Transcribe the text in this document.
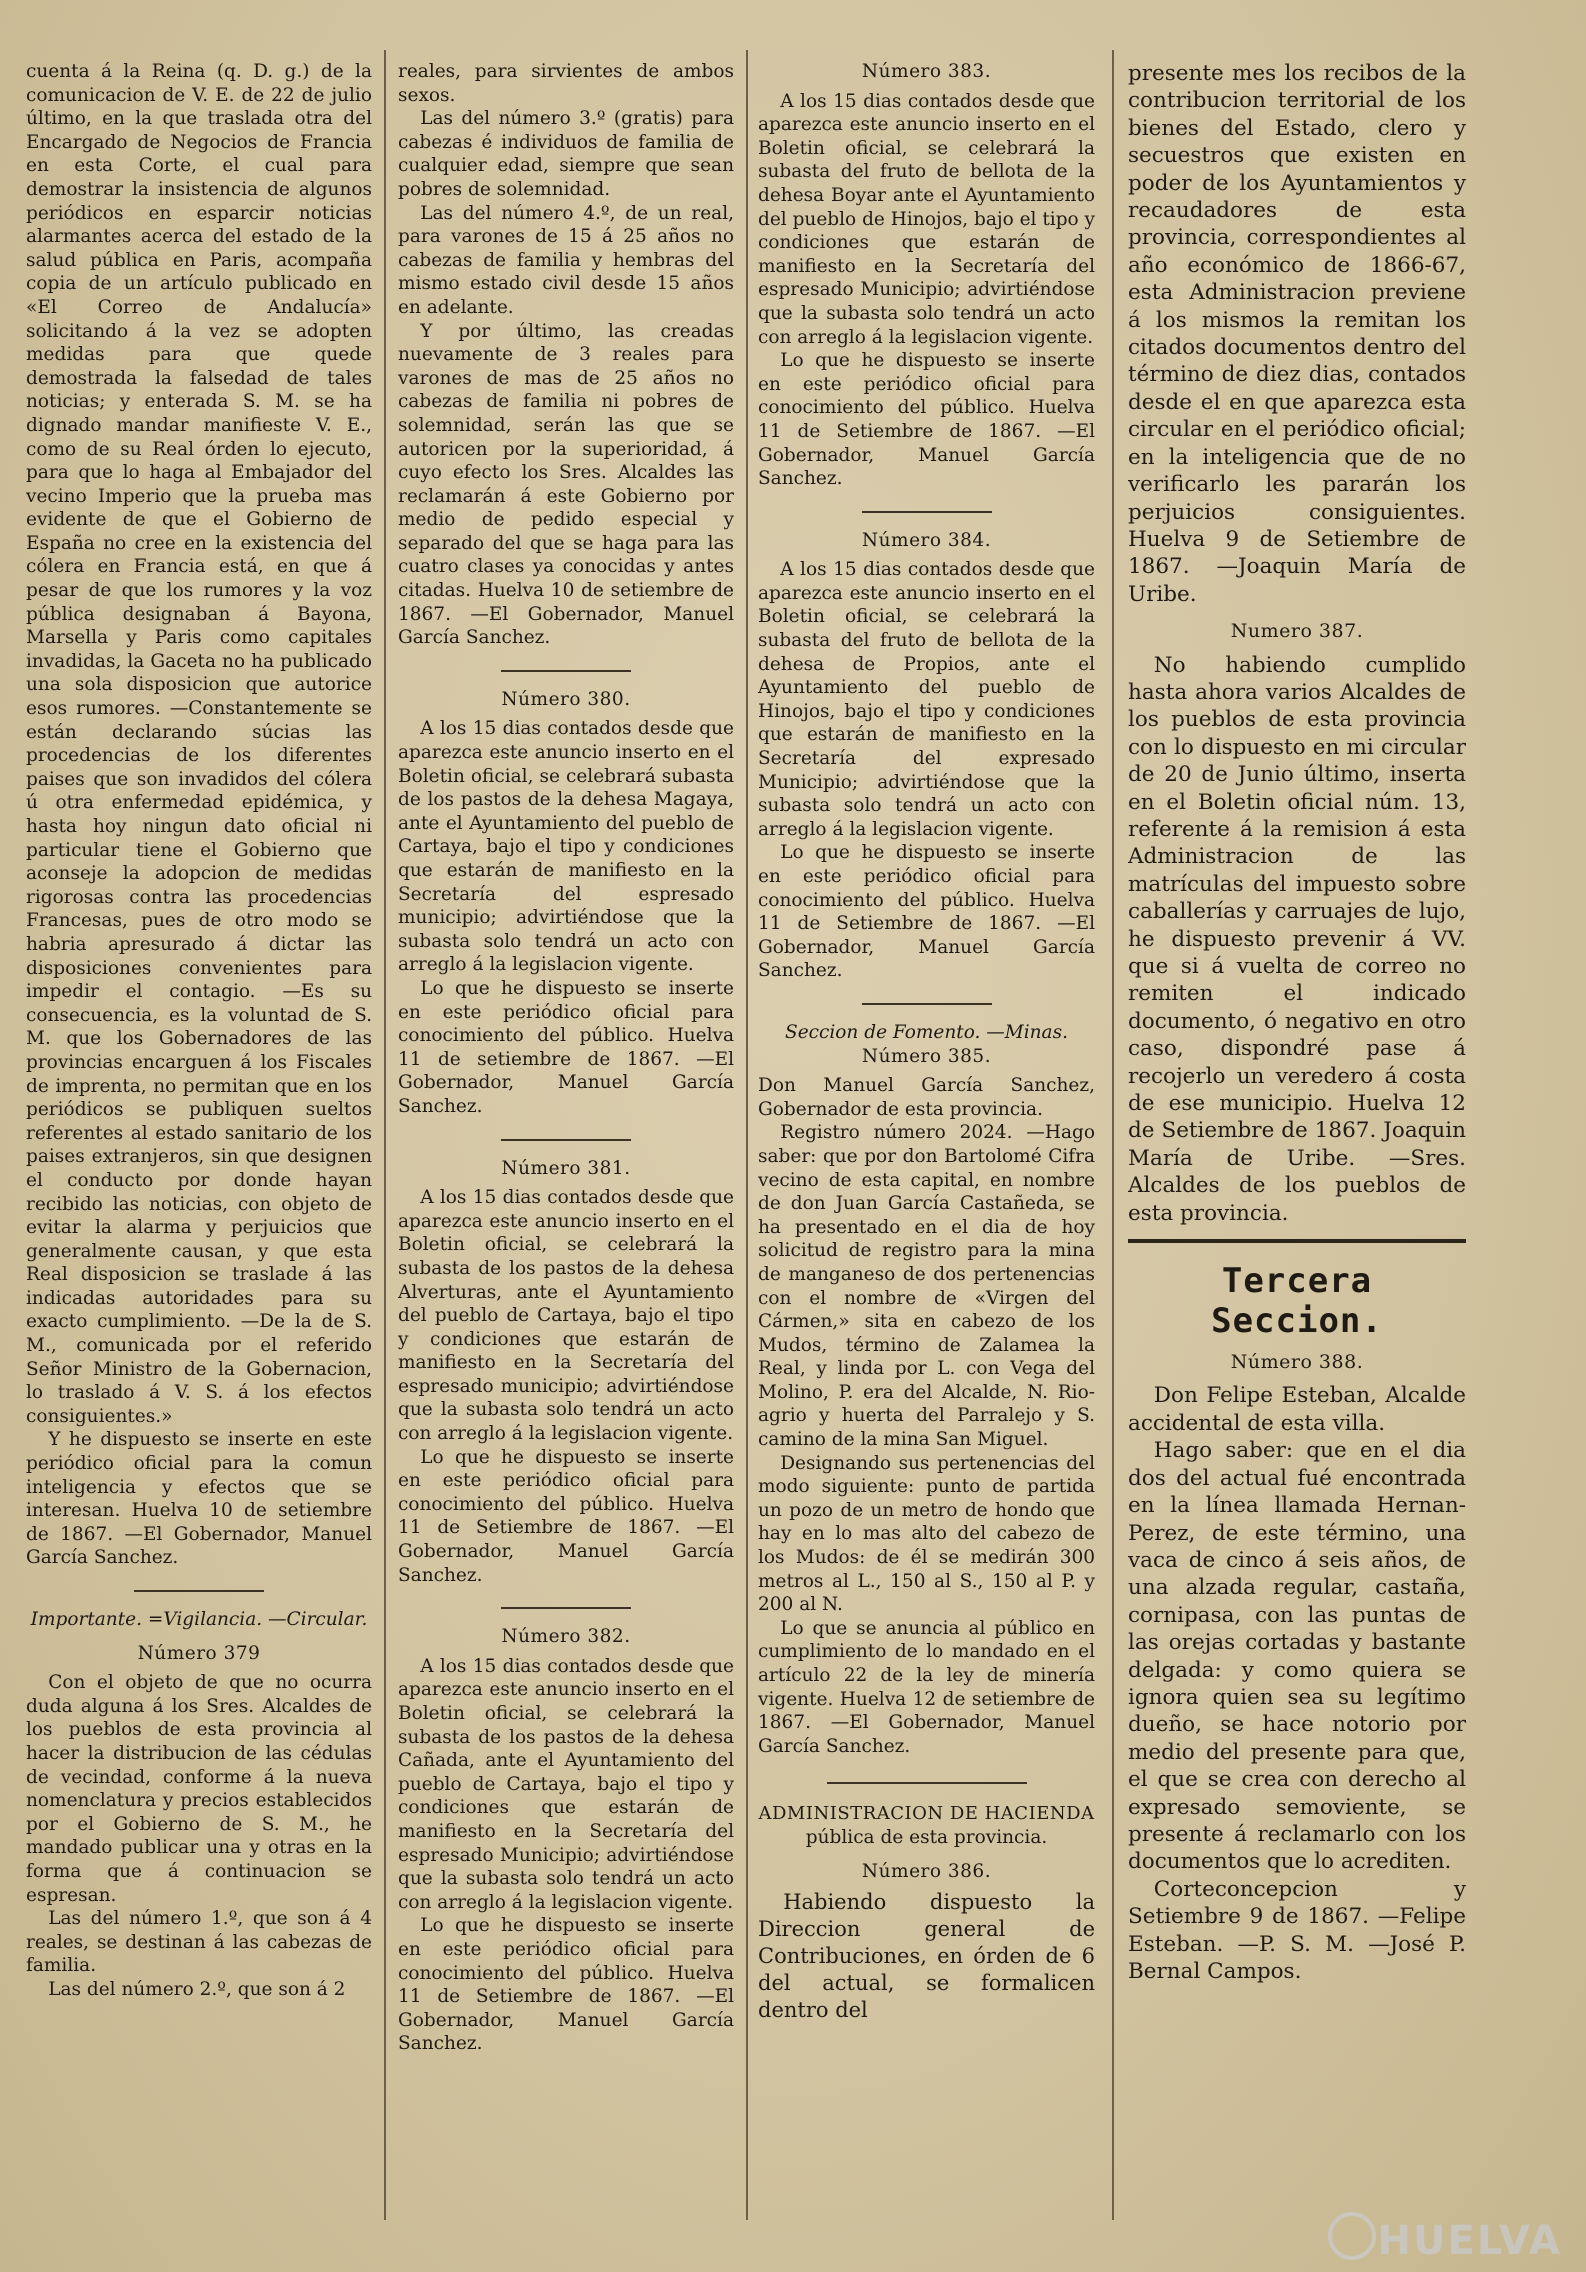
cuenta á la Reina (q. D. g.) de la comunicacion de V. E. de 22 de julio último, en la que traslada otra del Encargado de Negocios de Francia en esta Corte, el cual para demostrar la insistencia de algunos periódicos en esparcir noticias alarmantes acerca del estado de la salud pública en Paris, acompaña copia de un artículo publicado en «El Correo de Andalucía» solicitando á la vez se adopten medidas para que quede demostrada la falsedad de tales noticias; y enterada S. M. se ha dignado mandar manifieste V. E., como de su Real órden lo ejecuto, para que lo haga al Embajador del vecino Imperio que la prueba mas evidente de que el Gobierno de España no cree en la existencia del cólera en Francia está, en que á pesar de que los rumores y la voz pública designaban á Bayona, Marsella y Paris como capitales invadidas, la Gaceta no ha publicado una sola disposicion que autorice esos rumores. —Constantemente se están declarando súcias las procedencias de los diferentes paises que son invadidos del cólera ú otra enfermedad epidémica, y hasta hoy ningun dato oficial ni particular tiene el Gobierno que aconseje la adopcion de medidas rigorosas contra las procedencias Francesas, pues de otro modo se habria apresurado á dictar las disposiciones convenientes para impedir el contagio. —Es su consecuencia, es la voluntad de S. M. que los Gobernadores de las provincias encarguen á los Fiscales de imprenta, no permitan que en los periódicos se publiquen sueltos referentes al estado sanitario de los paises extranjeros, sin que designen el conducto por donde hayan recibido las noticias, con objeto de evitar la alarma y perjuicios que generalmente causan, y que esta Real disposicion se traslade á las indicadas autoridades para su exacto cumplimiento. —De la de S. M., comunicada por el referido Señor Ministro de la Gobernacion, lo traslado á V. S. á los efectos consiguientes.»

Y he dispuesto se inserte en este periódico oficial para la comun inteligencia y efectos que se interesan. Huelva 10 de setiembre de 1867. —El Gobernador, Manuel García Sanchez.

Importante. =Vigilancia. —Circular.

Número 379

Con el objeto de que no ocurra duda alguna á los Sres. Alcaldes de los pueblos de esta provincia al hacer la distribucion de las cédulas de vecindad, conforme á la nueva nomenclatura y precios establecidos por el Gobierno de S. M., he mandado publicar una y otras en la forma que á continuacion se espresan.

Las del número 1.º, que son á 4 reales, se destinan á las cabezas de familia.

Las del número 2.º, que son á 2

reales, para sirvientes de ambos sexos.

Las del número 3.º (gratis) para cabezas é individuos de familia de cualquier edad, siempre que sean pobres de solemnidad.

Las del número 4.º, de un real, para varones de 15 á 25 años no cabezas de familia y hembras del mismo estado civil desde 15 años en adelante.

Y por último, las creadas nuevamente de 3 reales para varones de mas de 25 años no cabezas de familia ni pobres de solemnidad, serán las que se autoricen por la superioridad, á cuyo efecto los Sres. Alcaldes las reclamarán á este Gobierno por medio de pedido especial y separado del que se haga para las cuatro clases ya conocidas y antes citadas. Huelva 10 de setiembre de 1867. —El Gobernador, Manuel García Sanchez.

Número 380.

A los 15 dias contados desde que aparezca este anuncio inserto en el Boletin oficial, se celebrará subasta de los pastos de la dehesa Magaya, ante el Ayuntamiento del pueblo de Cartaya, bajo el tipo y condiciones que estarán de manifiesto en la Secretaría del espresado municipio; advirtiéndose que la subasta solo tendrá un acto con arreglo á la legislacion vigente.

Lo que he dispuesto se inserte en este periódico oficial para conocimiento del público. Huelva 11 de setiembre de 1867. —El Gobernador, Manuel García Sanchez.

Número 381.

A los 15 dias contados desde que aparezca este anuncio inserto en el Boletin oficial, se celebrará la subasta de los pastos de la dehesa Alverturas, ante el Ayuntamiento del pueblo de Cartaya, bajo el tipo y condiciones que estarán de manifiesto en la Secretaría del espresado municipio; advirtiéndose que la subasta solo tendrá un acto con arreglo á la legislacion vigente.

Lo que he dispuesto se inserte en este periódico oficial para conocimiento del público. Huelva 11 de Setiembre de 1867. —El Gobernador, Manuel García Sanchez.

Número 382.

A los 15 dias contados desde que aparezca este anuncio inserto en el Boletin oficial, se celebrará la subasta de los pastos de la dehesa Cañada, ante el Ayuntamiento del pueblo de Cartaya, bajo el tipo y condiciones que estarán de manifiesto en la Secretaría del espresado Municipio; advirtiéndose que la subasta solo tendrá un acto con arreglo á la legislacion vigente.

Lo que he dispuesto se inserte en este periódico oficial para conocimiento del público. Huelva 11 de Setiembre de 1867. —El Gobernador, Manuel García Sanchez.

Número 383.

A los 15 dias contados desde que aparezca este anuncio inserto en el Boletin oficial, se celebrará la subasta del fruto de bellota de la dehesa Boyar ante el Ayuntamiento del pueblo de Hinojos, bajo el tipo y condiciones que estarán de manifiesto en la Secretaría del espresado Municipio; advirtiéndose que la subasta solo tendrá un acto con arreglo á la legislacion vigente.

Lo que he dispuesto se inserte en este periódico oficial para conocimiento del público. Huelva 11 de Setiembre de 1867. —El Gobernador, Manuel García Sanchez.

Número 384.

A los 15 dias contados desde que aparezca este anuncio inserto en el Boletin oficial, se celebrará la subasta del fruto de bellota de la dehesa de Propios, ante el Ayuntamiento del pueblo de Hinojos, bajo el tipo y condiciones que estarán de manifiesto en la Secretaría del expresado Municipio; advirtiéndose que la subasta solo tendrá un acto con arreglo á la legislacion vigente.

Lo que he dispuesto se inserte en este periódico oficial para conocimiento del público. Huelva 11 de Setiembre de 1867. —El Gobernador, Manuel García Sanchez.

Seccion de Fomento. —Minas.

Número 385.

Don Manuel García Sanchez, Gobernador de esta provincia.

Registro número 2024. —Hago saber: que por don Bartolomé Cifra vecino de esta capital, en nombre de don Juan García Castañeda, se ha presentado en el dia de hoy solicitud de registro para la mina de manganeso de dos pertenencias con el nombre de «Virgen del Cármen,» sita en cabezo de los Mudos, término de Zalamea la Real, y linda por L. con Vega del Molino, P. era del Alcalde, N. Rio-agrio y huerta del Parralejo y S. camino de la mina San Miguel.

Designando sus pertenencias del modo siguiente: punto de partida un pozo de un metro de hondo que hay en lo mas alto del cabezo de los Mudos: de él se medirán 300 metros al L., 150 al S., 150 al P. y 200 al N.

Lo que se anuncia al público en cumplimiento de lo mandado en el artículo 22 de la ley de minería vigente. Huelva 12 de setiembre de 1867. —El Gobernador, Manuel García Sanchez.

ADMINISTRACION DE HACIENDA

pública de esta provincia.

Número 386.

Habiendo dispuesto la Direccion general de Contribuciones, en órden de 6 del actual, se formalicen dentro del

presente mes los recibos de la contribucion territorial de los bienes del Estado, clero y secuestros que existen en poder de los Ayuntamientos y recaudadores de esta provincia, correspondientes al año económico de 1866-67, esta Administracion previene á los mismos la remitan los citados documentos dentro del término de diez dias, contados desde el en que aparezca esta circular en el periódico oficial; en la inteligencia que de no verificarlo les pararán los perjuicios consiguientes. Huelva 9 de Setiembre de 1867. —Joaquin María de Uribe.

Numero 387.

No habiendo cumplido hasta ahora varios Alcaldes de los pueblos de esta provincia con lo dispuesto en mi circular de 20 de Junio último, inserta en el Boletin oficial núm. 13, referente á la remision á esta Administracion de las matrículas del impuesto sobre caballerías y carruajes de lujo, he dispuesto prevenir á VV. que si á vuelta de correo no remiten el indicado documento, ó negativo en otro caso, dispondré pase á recojerlo un veredero á costa de ese municipio. Huelva 12 de Setiembre de 1867. Joaquin María de Uribe. —Sres. Alcaldes de los pueblos de esta provincia.

Tercera Seccion.

Número 388.

Don Felipe Esteban, Alcalde accidental de esta villa.

Hago saber: que en el dia dos del actual fué encontrada en la línea llamada Hernan-Perez, de este término, una vaca de cinco á seis años, de una alzada regular, castaña, cornipasa, con las puntas de las orejas cortadas y bastante delgada: y como quiera se ignora quien sea su legítimo dueño, se hace notorio por medio del presente para que, el que se crea con derecho al expresado semoviente, se presente á reclamarlo con los documentos que lo acrediten.

Corteconcepcion y Setiembre 9 de 1867. —Felipe Esteban. —P. S. M. —José P. Bernal Campos.

HUELVA
